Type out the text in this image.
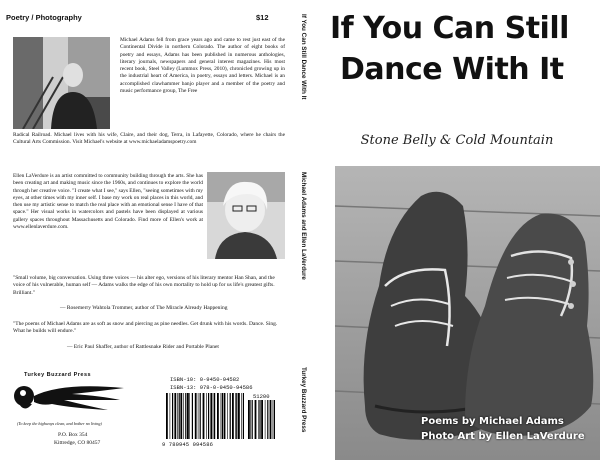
Poetry / Photography	$12
Michael Adams fell from grace years ago and came to rest just east of the Continental Divide in northern Colorado. The author of eight books of poetry and essays, Adams has been published in numerous anthologies, literary journals, newspapers and general interest magazines. His most recent book, Steel Valley (Lummox Press, 2010), chronicled growing up in the industrial heart of America, in poetry, essays and letters. Michael is an accomplished clawhammer banjo player and a member of the poetry and music performance group, The Free
Radical Railroad. Michael lives with his wife, Claire, and their dog, Terra, in Lafayette, Colorado, where he chairs the Cultural Arts Commission. Visit Michael's website at www.michaeladamspoetry.com
Ellen LaVerdure is an artist committed to community building through the arts. She has been creating art and making music since the 1960s, and continues to explore the world through her creative voice. "I create what I see," says Ellen, "seeing sometimes with my eyes, at other times with my inner self. I base my work on real places in this world, and then use my artistic sense to match the real place with an emotional sense I have of that space." Her visual works in watercolors and pastels have been displayed at various gallery spaces throughout Massachusetts and Colorado. Find more of Ellen's work at www.ellenlaverdure.com.
"Small volume, big conversation. Using three voices — his alter ego, versions of his literary mentor Han Shan, and the voice of his vulnerable, human self — Adams walks the edge of his own mortality to hold up for us life's greatest gifts. Brilliant."
— Rosemerry Wahtola Trommer, author of The Miracle Already Happening
"The poems of Michael Adams are as soft as snow and piercing as pine needles. Get drunk with his words. Dance. Sing. What he builds will endure."
— Eric Paul Shaffer, author of Rattlesnake Rider and Portable Planet
Turkey Buzzard Press
(To keep the highways clean, and bother no living)
P.O. Box 354
Kittredge, CO 80457
ISBN-10: 0-9450-94582
ISBN-13: 978-0-9450-94586
51200
9 780945 094586
If You Can Still Dance With It
Michael Adams and Ellen LaVerdure
Turkey Buzzard Press
If You Can Still
Dance With It
Stone Belly & Cold Mountain
Poems by Michael Adams
Photo Art by Ellen LaVerdure
